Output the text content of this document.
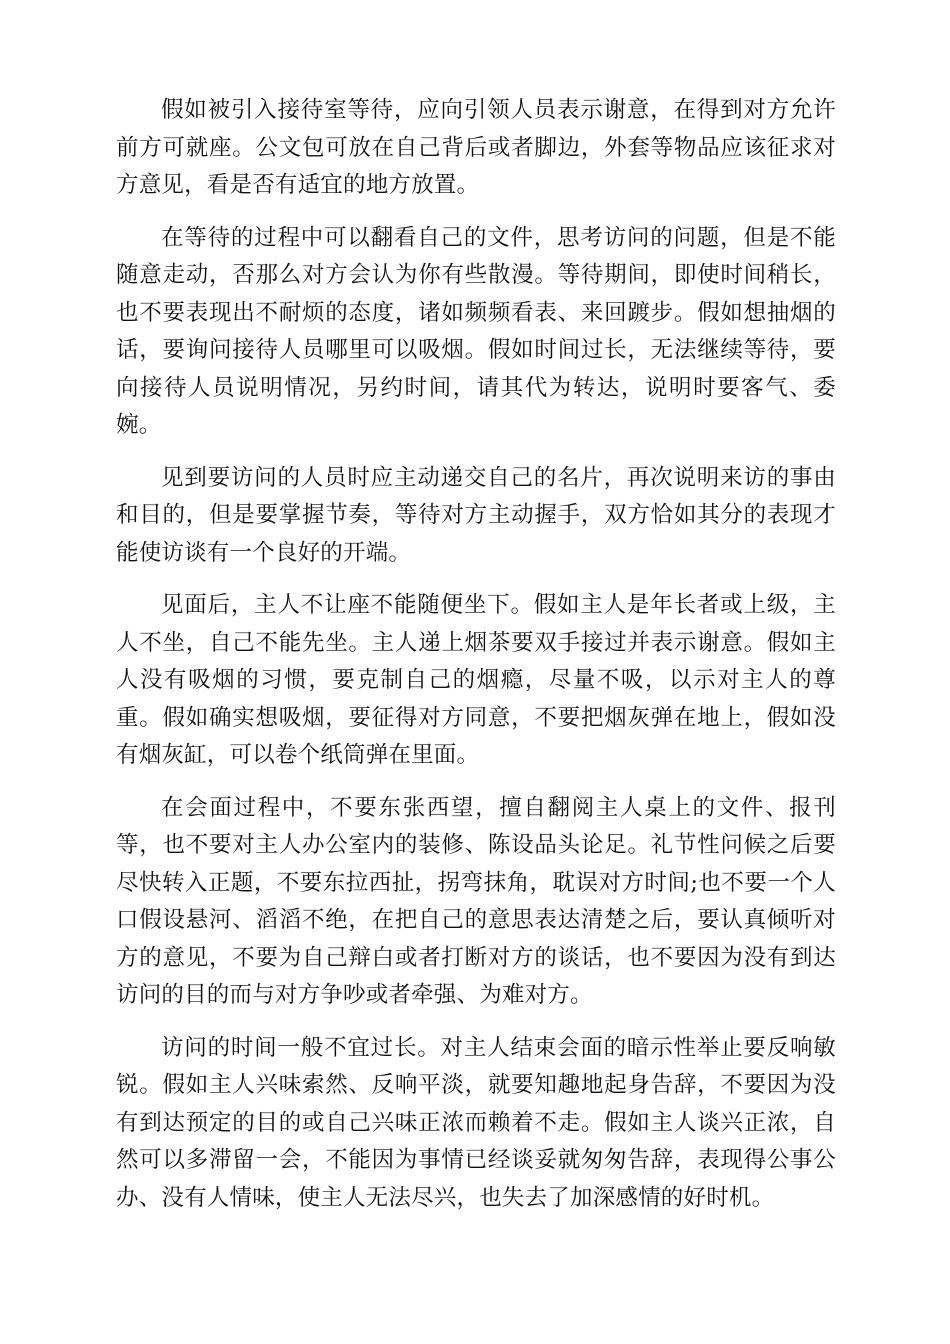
假如被引入接待室等待，应向引领人员表示谢意，在得到对方允许前方可就座。公文包可放在自己背后或者脚边，外套等物品应该征求对方意见，看是否有适宜的地方放置。

在等待的过程中可以翻看自己的文件，思考访问的问题，但是不能随意走动，否那么对方会认为你有些散漫。等待期间，即使时间稍长，也不要表现出不耐烦的态度，诸如频频看表、来回踱步。假如想抽烟的话，要询问接待人员哪里可以吸烟。假如时间过长，无法继续等待，要向接待人员说明情况，另约时间，请其代为转达，说明时要客气、委婉。

见到要访问的人员时应主动递交自己的名片，再次说明来访的事由和目的，但是要掌握节奏，等待对方主动握手，双方恰如其分的表现才能使访谈有一个良好的开端。

见面后，主人不让座不能随便坐下。假如主人是年长者或上级，主人不坐，自己不能先坐。主人递上烟茶要双手接过并表示谢意。假如主人没有吸烟的习惯，要克制自己的烟瘾，尽量不吸，以示对主人的尊重。假如确实想吸烟，要征得对方同意，不要把烟灰弹在地上，假如没有烟灰缸，可以卷个纸筒弹在里面。

在会面过程中，不要东张西望，擅自翻阅主人桌上的文件、报刊等，也不要对主人办公室内的装修、陈设品头论足。礼节性问候之后要尽快转入正题，不要东拉西扯，拐弯抹角，耽误对方时间;也不要一个人口假设悬河、滔滔不绝，在把自己的意思表达清楚之后，要认真倾听对方的意见，不要为自己辩白或者打断对方的谈话，也不要因为没有到达访问的目的而与对方争吵或者牵强、为难对方。

访问的时间一般不宜过长。对主人结束会面的暗示性举止要反响敏锐。假如主人兴味索然、反响平淡，就要知趣地起身告辞，不要因为没有到达预定的目的或自己兴味正浓而赖着不走。假如主人谈兴正浓，自然可以多滞留一会，不能因为事情已经谈妥就匆匆告辞，表现得公事公办、没有人情味，使主人无法尽兴，也失去了加深感情的好时机。
